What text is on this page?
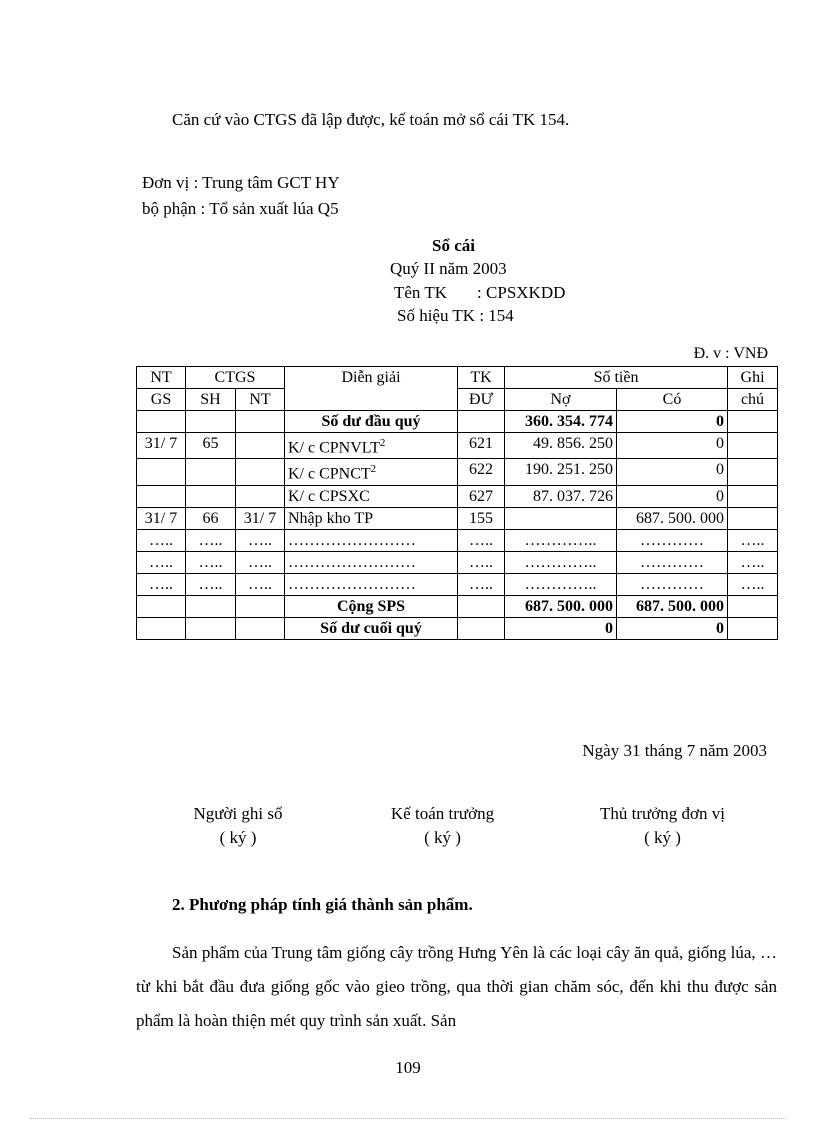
Căn cứ vào CTGS đã lập được, kế toán mở sổ cái TK 154.
Đơn vị : Trung tâm GCT HY
bộ phận : Tổ sản xuất lúa Q5
Sổ cái
Quý II năm 2003
Tên TK : CPSXKDD
Số hiệu TK : 154
Đ. v : VNĐ
NT	CTGS		Diễn giải	TK	Số tiền		Ghi
GS	SH	NT		ĐƯ	Nợ	Có	chú
			Số dư đầu quý		360. 354. 774	0	
31/ 7	65		K/ c CPNVLT$^2$	621	49. 856. 250	0	
			K/ c CPNCT$^2$	622	190. 251. 250	0	
			K/ c CPSXC	627	87. 037. 726	0	
31/ 7	66	31/ 7	Nhập kho TP	155		687. 500. 000	
…..	…..	…..	……………………	…..	…………..	…………	…..
…..	…..	…..	……………………	…..	…………..	…………	…..
…..	…..	…..	……………………	…..	…………..	…………	…..
			Cộng SPS		687. 500. 000	687. 500. 000	
			Số dư cuối quý		0	0	
Ngày 31 tháng 7 năm 2003
Người ghi sổ
( ký )
Kế toán trưởng
( ký )
Thủ trưởng đơn vị
( ký )
2. Phương pháp tính giá thành sản phẩm.

Sản phẩm của Trung tâm giống cây trồng Hưng Yên là các loại cây ăn quả, giống lúa, … từ khi bắt đầu đưa giống gốc vào gieo trồng, qua thời gian chăm sóc, đến khi thu được sản phẩm là hoàn thiện mét quy trình sản xuất. Sản

109
